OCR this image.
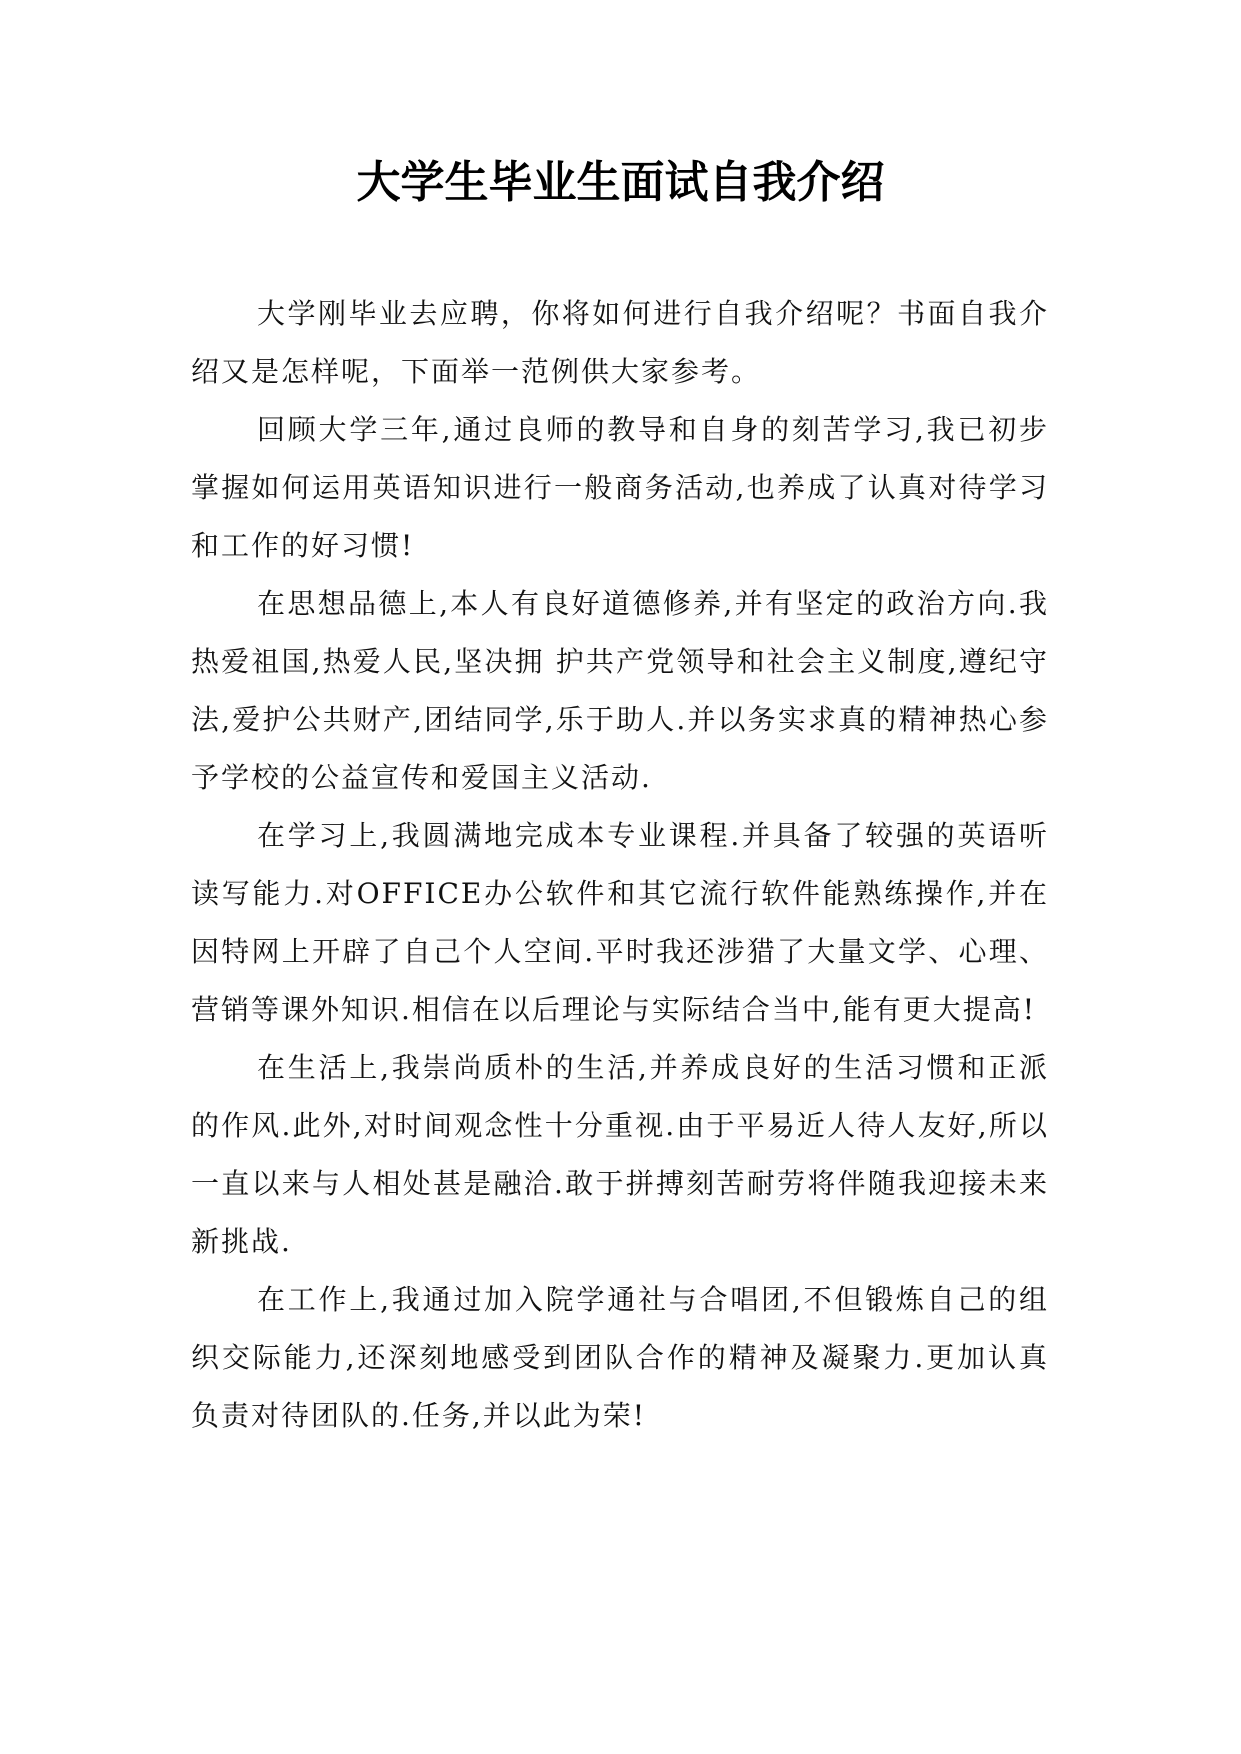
大学生毕业生面试自我介绍

大学刚毕业去应聘，你将如何进行自我介绍呢？书面自我介绍又是怎样呢，下面举一范例供大家参考。

回顾大学三年,通过良师的教导和自身的刻苦学习,我已初步掌握如何运用英语知识进行一般商务活动,也养成了认真对待学习和工作的好习惯!

在思想品德上,本人有良好道德修养,并有坚定的政治方向.我热爱祖国,热爱人民,坚决拥 护共产党领导和社会主义制度,遵纪守法,爱护公共财产,团结同学,乐于助人.并以务实求真的精神热心参予学校的公益宣传和爱国主义活动.

在学习上,我圆满地完成本专业课程.并具备了较强的英语听读写能力.对OFFICE办公软件和其它流行软件能熟练操作,并在因特网上开辟了自己个人空间.平时我还涉猎了大量文学、心理、营销等课外知识.相信在以后理论与实际结合当中,能有更大提高!

在生活上,我崇尚质朴的生活,并养成良好的生活习惯和正派的作风.此外,对时间观念性十分重视.由于平易近人待人友好,所以一直以来与人相处甚是融洽.敢于拼搏刻苦耐劳将伴随我迎接未来新挑战.

在工作上,我通过加入院学通社与合唱团,不但锻炼自己的组织交际能力,还深刻地感受到团队合作的精神及凝聚力.更加认真负责对待团队的.任务,并以此为荣!
